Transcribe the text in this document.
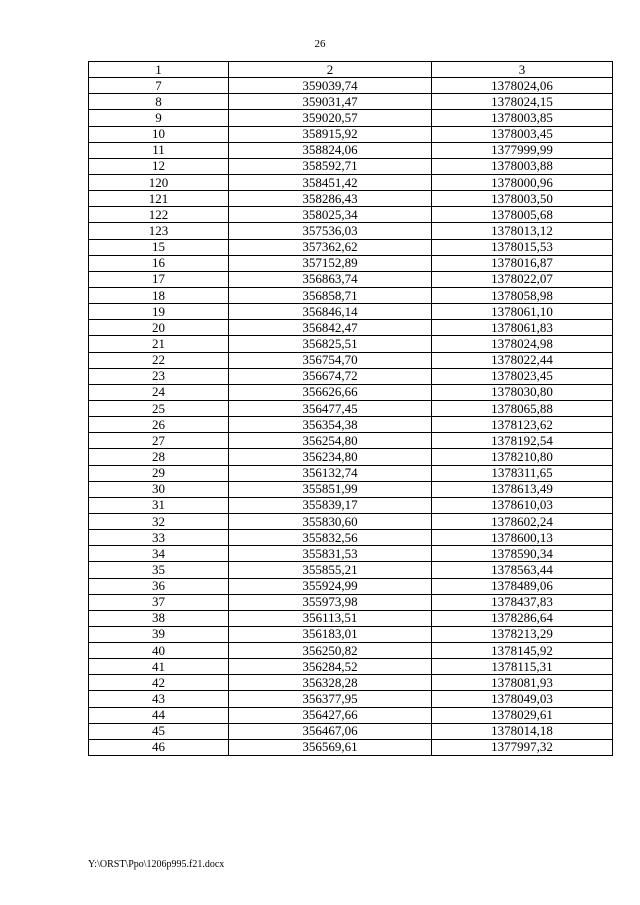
26
1	2	3
7	359039,74	1378024,06
8	359031,47	1378024,15
9	359020,57	1378003,85
10	358915,92	1378003,45
11	358824,06	1377999,99
12	358592,71	1378003,88
120	358451,42	1378000,96
121	358286,43	1378003,50
122	358025,34	1378005,68
123	357536,03	1378013,12
15	357362,62	1378015,53
16	357152,89	1378016,87
17	356863,74	1378022,07
18	356858,71	1378058,98
19	356846,14	1378061,10
20	356842,47	1378061,83
21	356825,51	1378024,98
22	356754,70	1378022,44
23	356674,72	1378023,45
24	356626,66	1378030,80
25	356477,45	1378065,88
26	356354,38	1378123,62
27	356254,80	1378192,54
28	356234,80	1378210,80
29	356132,74	1378311,65
30	355851,99	1378613,49
31	355839,17	1378610,03
32	355830,60	1378602,24
33	355832,56	1378600,13
34	355831,53	1378590,34
35	355855,21	1378563,44
36	355924,99	1378489,06
37	355973,98	1378437,83
38	356113,51	1378286,64
39	356183,01	1378213,29
40	356250,82	1378145,92
41	356284,52	1378115,31
42	356328,28	1378081,93
43	356377,95	1378049,03
44	356427,66	1378029,61
45	356467,06	1378014,18
46	356569,61	1377997,32
Y:\ORST\Ppo\1206p995.f21.docx
